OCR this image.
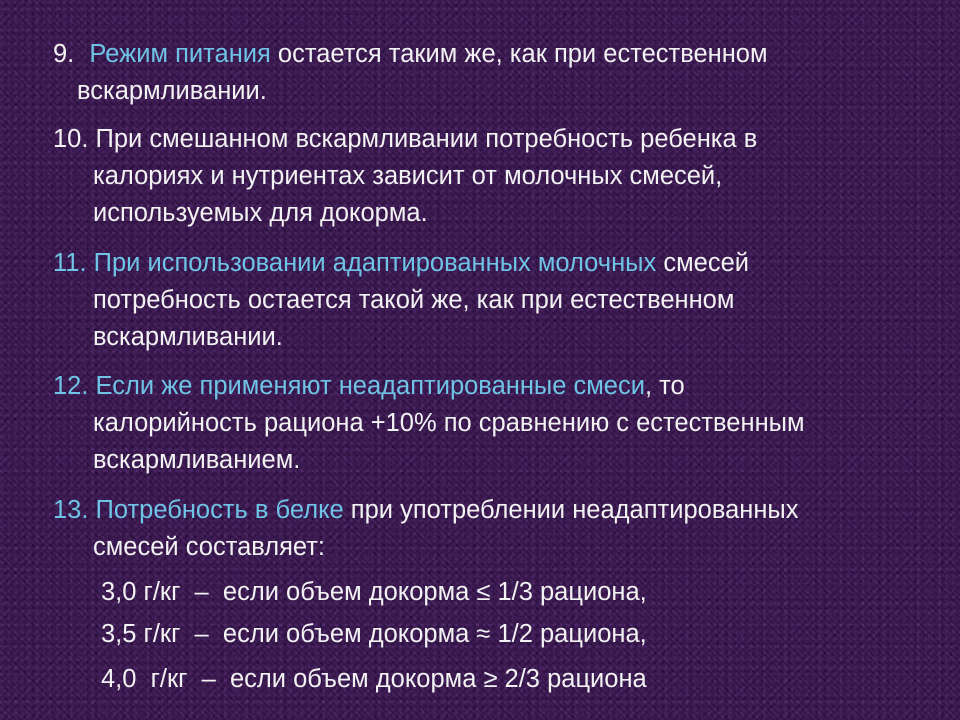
9. Режим питания остается таким же, как при естественном
вскармливании.
10. При смешанном вскармливании потребность ребенка в
калориях и нутриентах зависит от молочных смесей,
используемых для докорма.
11. При использовании адаптированных молочных смесей
потребность остается такой же, как при естественном
вскармливании.
12. Если же применяют неадаптированные смеси, то
калорийность рациона +10% по сравнению с естественным
вскармливанием.
13. Потребность в белке при употреблении неадаптированных
смесей составляет:
3,0 г/кг  –  если объем докорма ≤ 1/3 рациона,
3,5 г/кг  –  если объем докорма ≈ 1/2 рациона,
4,0  г/кг  –  если объем докорма ≥ 2/3 рациона
